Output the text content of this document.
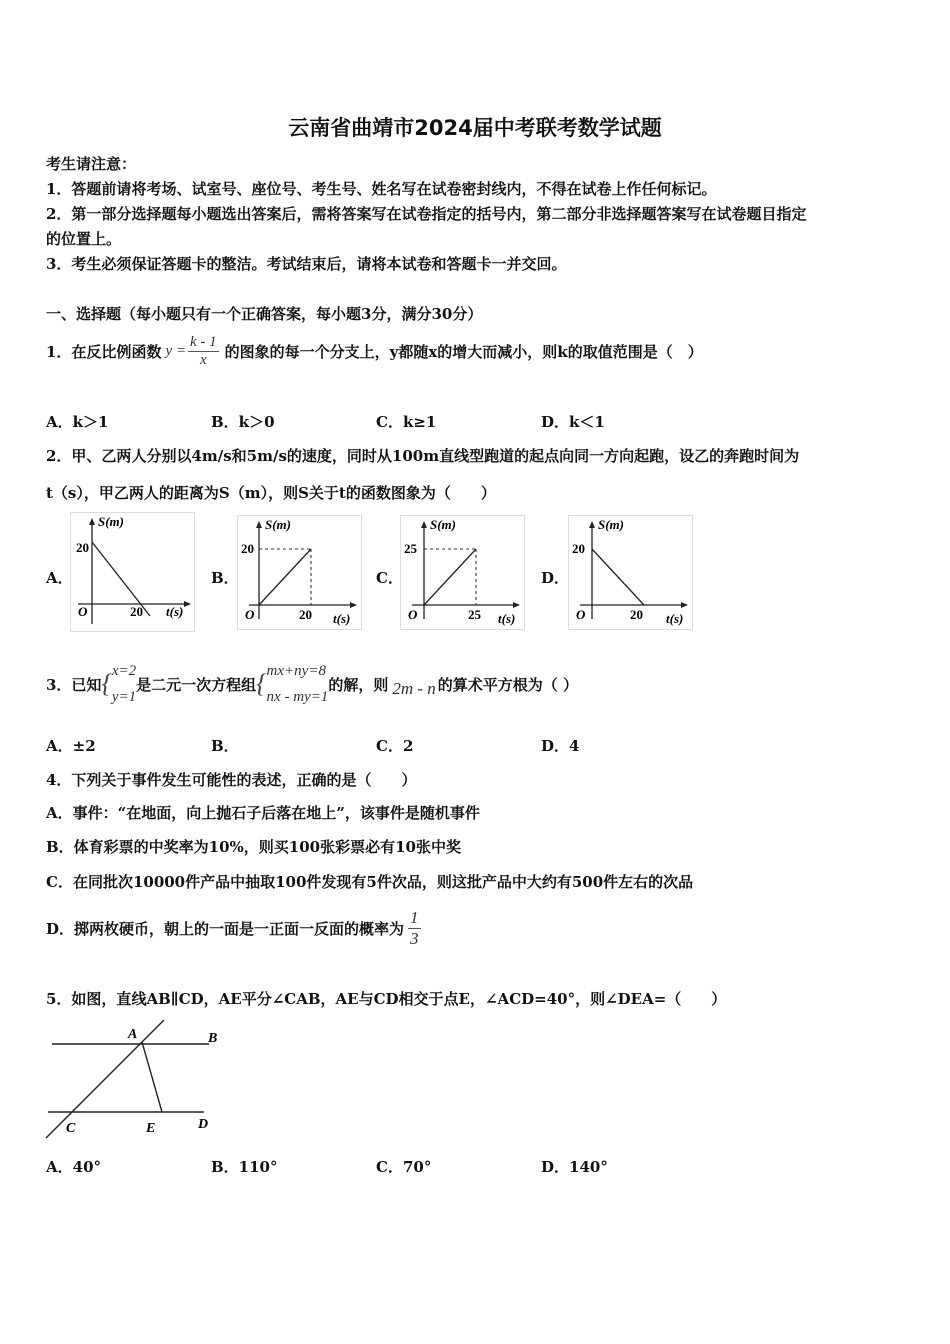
云南省曲靖市2024届中考联考数学试题
考生请注意：
1．答题前请将考场、试室号、座位号、考生号、姓名写在试卷密封线内，不得在试卷上作任何标记。
2．第一部分选择题每小题选出答案后，需将答案写在试卷指定的括号内，第二部分非选择题答案写在试卷题目指定
的位置上。
3．考生必须保证答题卡的整洁。考试结束后，请将本试卷和答题卡一并交回。
一、选择题（每小题只有一个正确答案，每小题3分，满分30分）
1．在反比例函数 $y = \frac{k - 1}{x}$ 的图象的每一个分支上，y都随x的增大而减小，则k的取值范围是（　）
A．k＞1	B．k＞0	C．k≥1	D．k＜1
2．甲、乙两人分别以4m/s和5m/s的速度，同时从100m直线型跑道的起点向同一方向起跑，设乙的奔跑时间为
t（s），甲乙两人的距离为S（m），则S关于t的函数图象为（　　）
A．	B．	C．	D．
S(m)
t(s)
O
20
20
S(m)
t(s)
O
20
20
S(m)
t(s)
O
25
25
S(m)
t(s)
O
20
20
3．已知 { x=2
y=1
是二元一次方程组 { mx+ny=8
nx - my=1
的解，则 2m - n 的算术平方根为（ ）
A．±2	B．	C．2	D．4
4．下列关于事件发生可能性的表述，正确的是（　　）
A．事件：“在地面，向上抛石子后落在地上”，该事件是随机事件
B．体育彩票的中奖率为10%，则买100张彩票必有10张中奖
C．在同批次10000件产品中抽取100件发现有5件次品，则这批产品中大约有500件左右的次品
D．掷两枚硬币，朝上的一面是一正面一反面的概率为 $\frac{1}{3}$
5．如图，直线AB∥CD，AE平分∠CAB，AE与CD相交于点E，∠ACD=40°，则∠DEA=（　　）
A	B
C	E	D
A．40°	B．110°	C．70°	D．140°
